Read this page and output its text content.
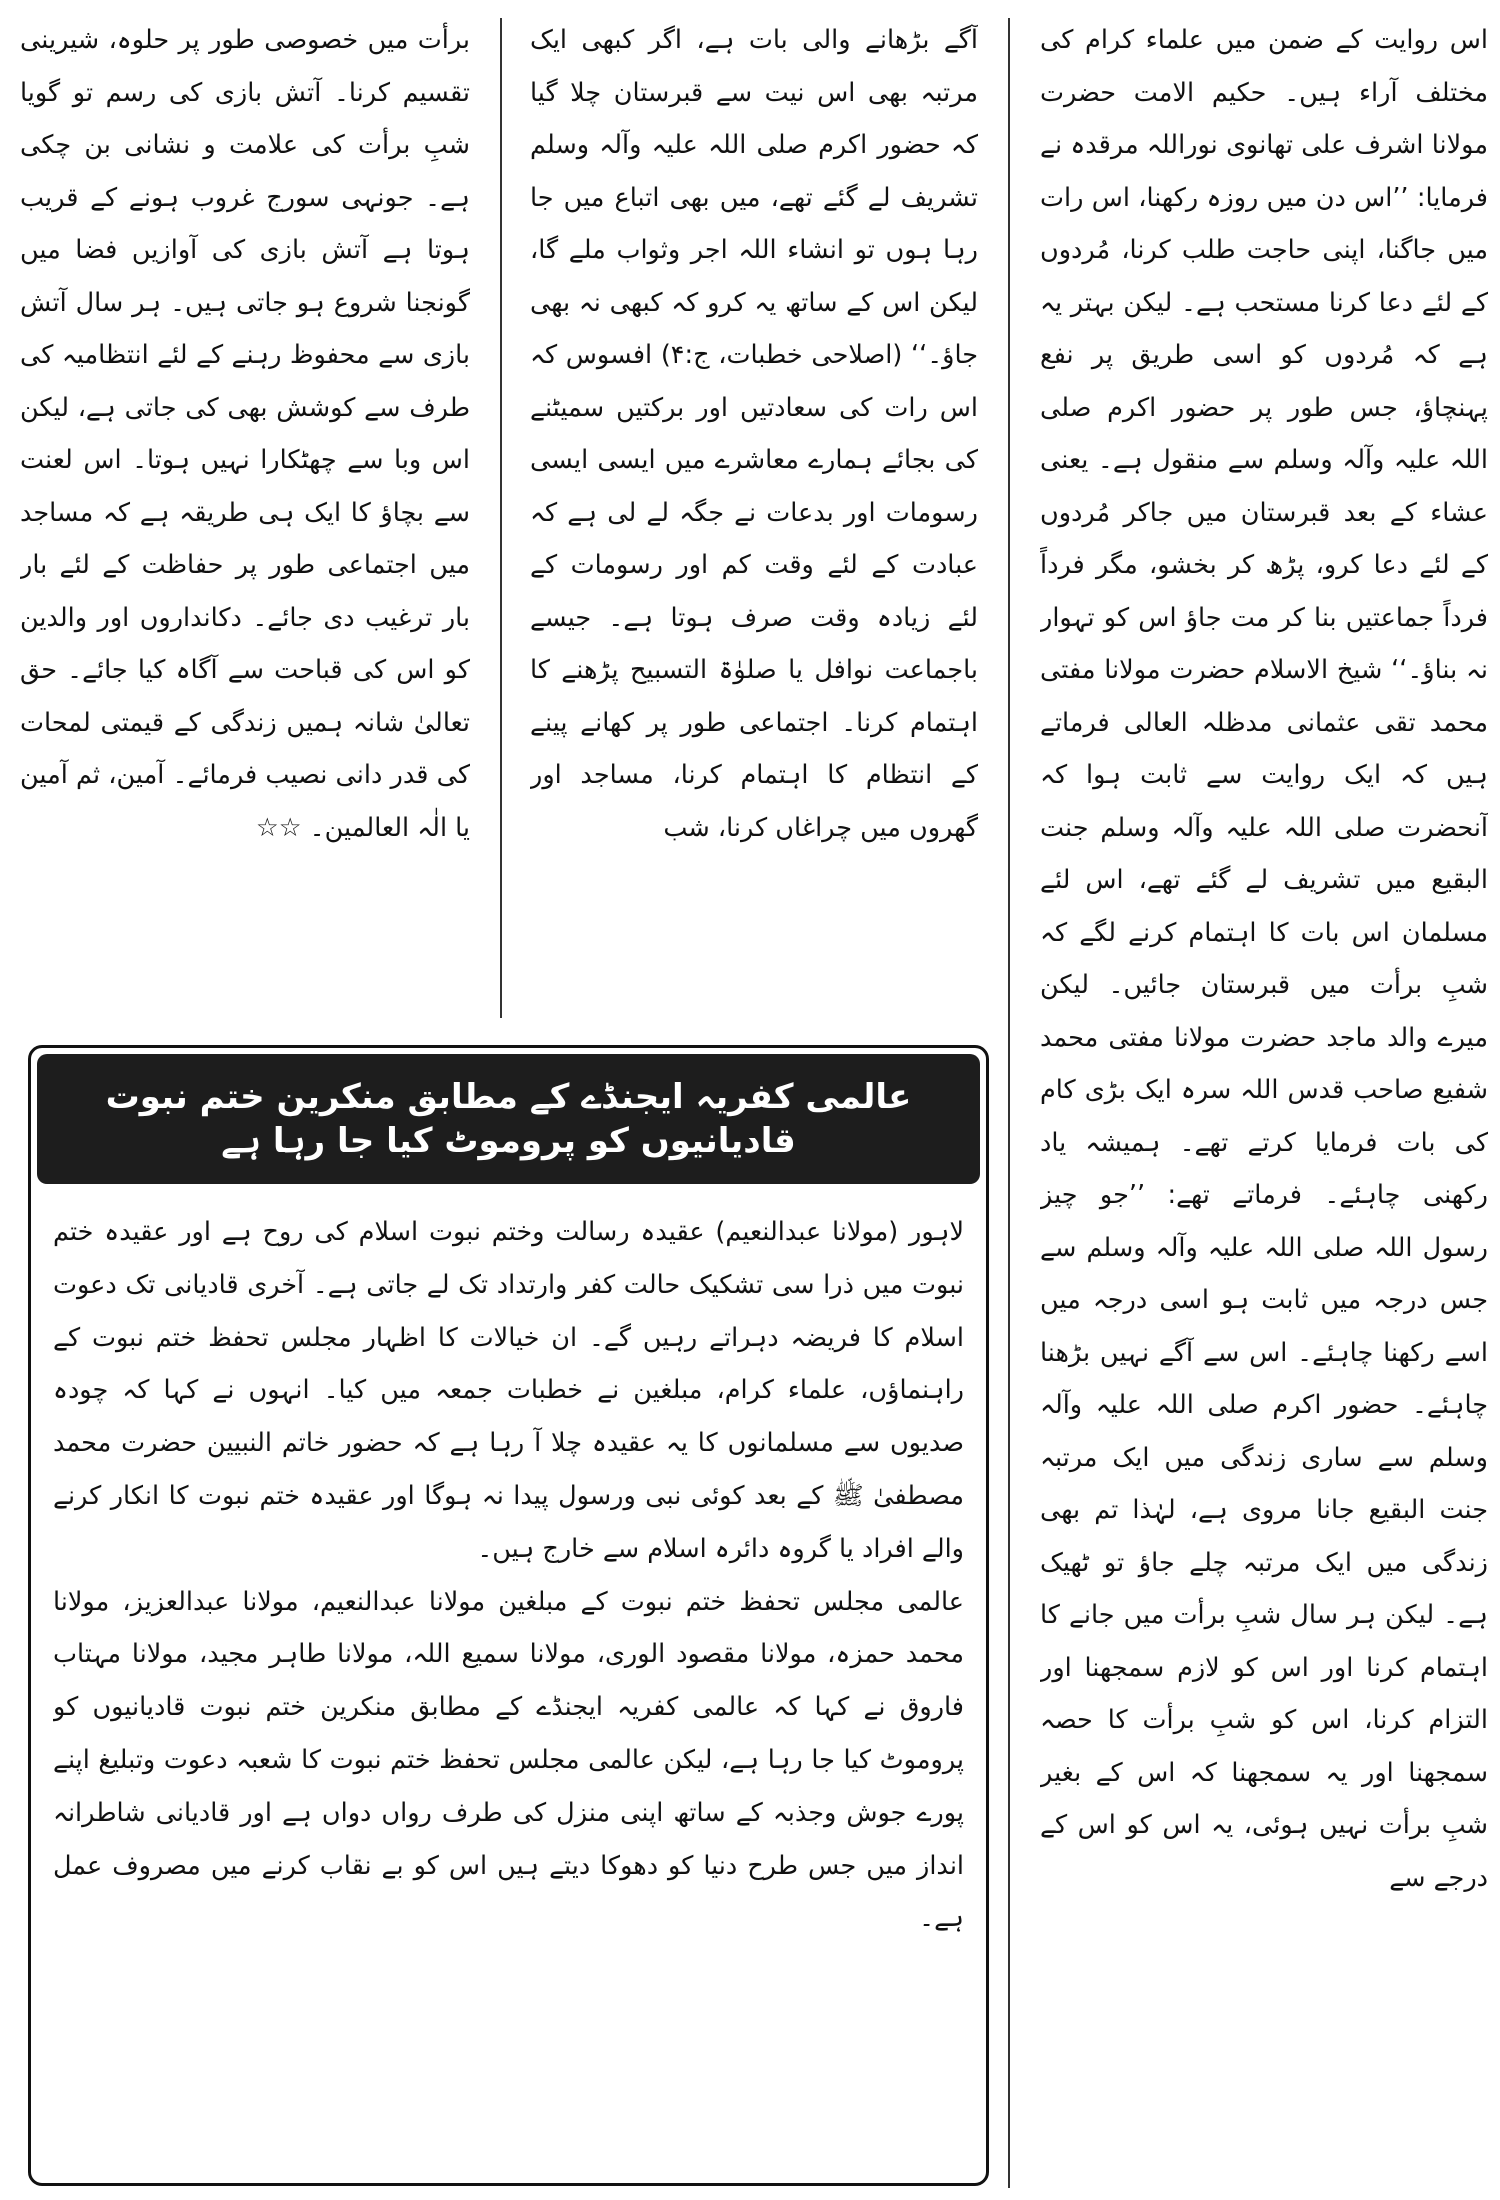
اس روایت کے ضمن میں علماء کرام کی مختلف آراء ہیں۔ حکیم الامت حضرت مولانا اشرف علی تھانوی نوراللہ مرقدہ نے فرمایا: ’’اس دن میں روزہ رکھنا، اس رات میں جاگنا، اپنی حاجت طلب کرنا، مُردوں کے لئے دعا کرنا مستحب ہے۔ لیکن بہتر یہ ہے کہ مُردوں کو اسی طریق پر نفع پہنچاؤ، جس طور پر حضور اکرم صلی اللہ علیہ وآلہ وسلم سے منقول ہے۔ یعنی عشاء کے بعد قبرستان میں جاکر مُردوں کے لئے دعا کرو، پڑھ کر بخشو، مگر فرداً فرداً جماعتیں بنا کر مت جاؤ اس کو تہوار نہ بناؤ۔‘‘ شیخ الاسلام حضرت مولانا مفتی محمد تقی عثمانی مدظلہ العالی فرماتے ہیں کہ ایک روایت سے ثابت ہوا کہ آنحضرت صلی اللہ علیہ وآلہ وسلم جنت البقیع میں تشریف لے گئے تھے، اس لئے مسلمان اس بات کا اہتمام کرنے لگے کہ شبِ برأت میں قبرستان جائیں۔ لیکن میرے والد ماجد حضرت مولانا مفتی محمد شفیع صاحب قدس اللہ سرہ ایک بڑی کام کی بات فرمایا کرتے تھے۔ ہمیشہ یاد رکھنی چاہئے۔ فرماتے تھے: ’’جو چیز رسول اللہ صلی اللہ علیہ وآلہ وسلم سے جس درجہ میں ثابت ہو اسی درجہ میں اسے رکھنا چاہئے۔ اس سے آگے نہیں بڑھنا چاہئے۔ حضور اکرم صلی اللہ علیہ وآلہ وسلم سے ساری زندگی میں ایک مرتبہ جنت البقیع جانا مروی ہے، لہٰذا تم بھی زندگی میں ایک مرتبہ چلے جاؤ تو ٹھیک ہے۔ لیکن ہر سال شبِ برأت میں جانے کا اہتمام کرنا اور اس کو لازم سمجھنا اور التزام کرنا، اس کو شبِ برأت کا حصہ سمجھنا اور یہ سمجھنا کہ اس کے بغیر شبِ برأت نہیں ہوئی، یہ اس کو اس کے درجے سے

آگے بڑھانے والی بات ہے، اگر کبھی ایک مرتبہ بھی اس نیت سے قبرستان چلا گیا کہ حضور اکرم صلی اللہ علیہ وآلہ وسلم تشریف لے گئے تھے، میں بھی اتباع میں جا رہا ہوں تو انشاء اللہ اجر وثواب ملے گا، لیکن اس کے ساتھ یہ کرو کہ کبھی نہ بھی جاؤ۔‘‘ (اصلاحی خطبات، ج:۴) افسوس کہ اس رات کی سعادتیں اور برکتیں سمیٹنے کی بجائے ہمارے معاشرے میں ایسی ایسی رسومات اور بدعات نے جگہ لے لی ہے کہ عبادت کے لئے وقت کم اور رسومات کے لئے زیادہ وقت صرف ہوتا ہے۔ جیسے باجماعت نوافل یا صلوٰۃ التسبیح پڑھنے کا اہتمام کرنا۔ اجتماعی طور پر کھانے پینے کے انتظام کا اہتمام کرنا، مساجد اور گھروں میں چراغاں کرنا، شب

برأت میں خصوصی طور پر حلوہ، شیرینی تقسیم کرنا۔ آتش بازی کی رسم تو گویا شبِ برأت کی علامت و نشانی بن چکی ہے۔ جونہی سورج غروب ہونے کے قریب ہوتا ہے آتش بازی کی آوازیں فضا میں گونجنا شروع ہو جاتی ہیں۔ ہر سال آتش بازی سے محفوظ رہنے کے لئے انتظامیہ کی طرف سے کوشش بھی کی جاتی ہے، لیکن اس وبا سے چھٹکارا نہیں ہوتا۔ اس لعنت سے بچاؤ کا ایک ہی طریقہ ہے کہ مساجد میں اجتماعی طور پر حفاظت کے لئے بار بار ترغیب دی جائے۔ دکانداروں اور والدین کو اس کی قباحت سے آگاہ کیا جائے۔ حق تعالیٰ شانہ ہمیں زندگی کے قیمتی لمحات کی قدر دانی نصیب فرمائے۔ آمین، ثم آمین یا الٰہ العالمین۔☆☆

عالمی کفریہ ایجنڈے کے مطابق منکرین ختم نبوت قادیانیوں کو پروموٹ کیا جا رہا ہے

لاہور (مولانا عبدالنعیم) عقیدہ رسالت وختم نبوت اسلام کی روح ہے اور عقیدہ ختم نبوت میں ذرا سی تشکیک حالت کفر وارتداد تک لے جاتی ہے۔ آخری قادیانی تک دعوت اسلام کا فریضہ دہراتے رہیں گے۔ ان خیالات کا اظہار مجلس تحفظ ختم نبوت کے راہنماؤں، علماء کرام، مبلغین نے خطبات جمعہ میں کیا۔ انہوں نے کہا کہ چودہ صدیوں سے مسلمانوں کا یہ عقیدہ چلا آ رہا ہے کہ حضور خاتم النبیین حضرت محمد مصطفیٰ ﷺ کے بعد کوئی نبی ورسول پیدا نہ ہوگا اور عقیدہ ختم نبوت کا انکار کرنے والے افراد یا گروہ دائرہ اسلام سے خارج ہیں۔

عالمی مجلس تحفظ ختم نبوت کے مبلغین مولانا عبدالنعیم، مولانا عبدالعزیز، مولانا محمد حمزہ، مولانا مقصود الوری، مولانا سمیع اللہ، مولانا طاہر مجید، مولانا مہتاب فاروق نے کہا کہ عالمی کفریہ ایجنڈے کے مطابق منکرین ختم نبوت قادیانیوں کو پروموٹ کیا جا رہا ہے، لیکن عالمی مجلس تحفظ ختم نبوت کا شعبہ دعوت وتبلیغ اپنے پورے جوش وجذبہ کے ساتھ اپنی منزل کی طرف رواں دواں ہے اور قادیانی شاطرانہ انداز میں جس طرح دنیا کو دھوکا دیتے ہیں اس کو بے نقاب کرنے میں مصروف عمل ہے۔
